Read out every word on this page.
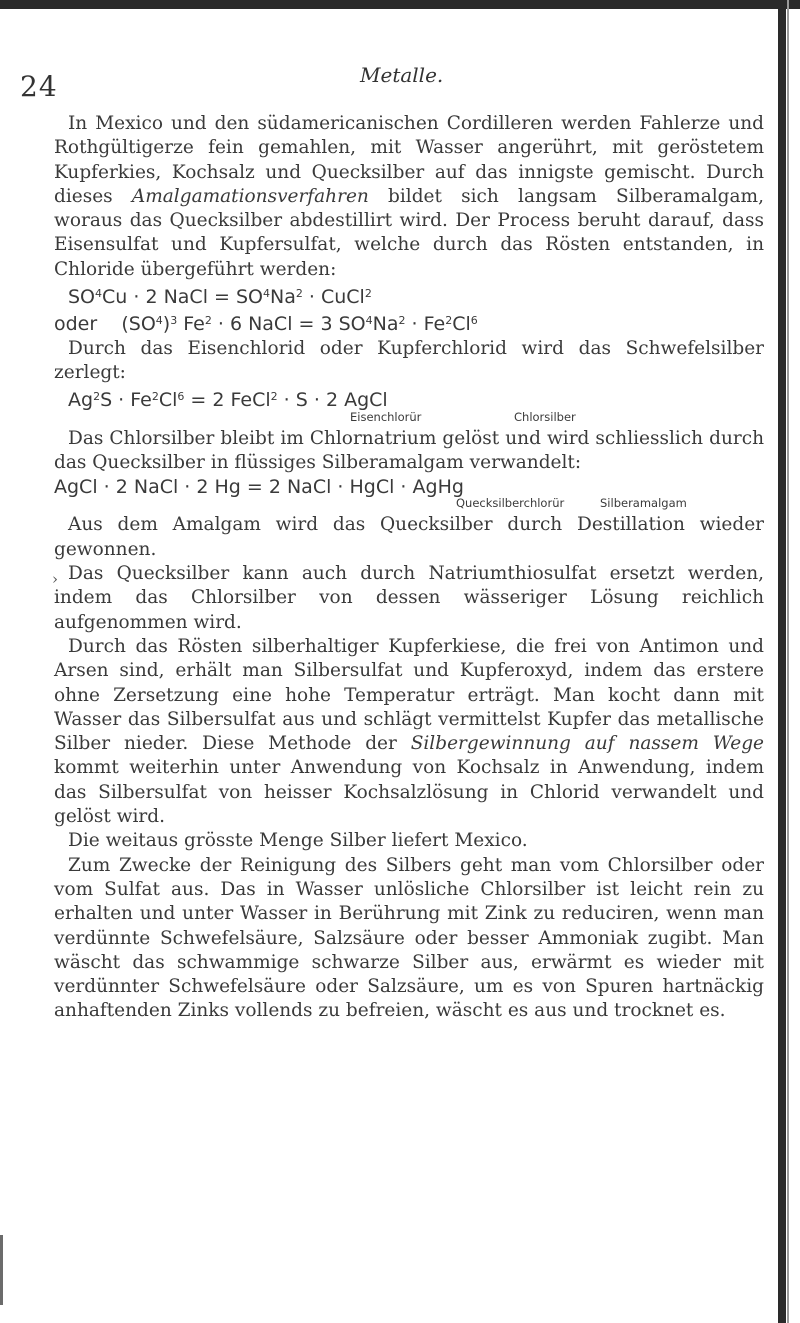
24	Metalle.
›

In Mexico und den südamericanischen Cordilleren werden Fahlerze und Rothgültigerze fein gemahlen, mit Wasser angerührt, mit geröstetem Kupferkies, Kochsalz und Quecksilber auf das innigste gemischt. Durch dieses Amalgamationsverfahren bildet sich langsam Silberamalgam, woraus das Quecksilber abdestillirt wird. Der Process beruht darauf, dass Eisensulfat und Kupfersulfat, welche durch das Rösten entstanden, in Chloride übergeführt werden:

$SO^4Cu \cdot 2$ NaCl = $SO^4Na^2$ · CuCl$^2$
oder    $(SO^4)^3$ $Fe^2 \cdot 6$ NaCl = 3 $SO^4Na^2 \cdot Fe^2Cl^6$

Durch das Eisenchlorid oder Kupferchlorid wird das Schwefelsilber zerlegt:

$Ag^2S \cdot Fe^2Cl^6 = 2$ FeCl$^2$ · S · 2 AgCl
Eisenchlorür	Chlorsilber

Das Chlorsilber bleibt im Chlornatrium gelöst und wird schliesslich durch das Quecksilber in flüssiges Silberamalgam verwandelt:

AgCl · 2 NaCl · 2 Hg = 2 NaCl · HgCl · AgHg
Quecksilberchlorür	Silberamalgam

Aus dem Amalgam wird das Quecksilber durch Destillation wieder gewonnen.

Das Quecksilber kann auch durch Natriumthiosulfat ersetzt werden, indem das Chlorsilber von dessen wässeriger Lösung reichlich aufgenommen wird.

Durch das Rösten silberhaltiger Kupferkiese, die frei von Antimon und Arsen sind, erhält man Silbersulfat und Kupferoxyd, indem das erstere ohne Zersetzung eine hohe Temperatur erträgt. Man kocht dann mit Wasser das Silbersulfat aus und schlägt vermittelst Kupfer das metallische Silber nieder. Diese Methode der Silbergewinnung auf nassem Wege kommt weiterhin unter Anwendung von Kochsalz in Anwendung, indem das Silbersulfat von heisser Kochsalzlösung in Chlorid verwandelt und gelöst wird.

Die weitaus grösste Menge Silber liefert Mexico.

Zum Zwecke der Reinigung des Silbers geht man vom Chlorsilber oder vom Sulfat aus. Das in Wasser unlösliche Chlorsilber ist leicht rein zu erhalten und unter Wasser in Berührung mit Zink zu reduciren, wenn man verdünnte Schwefelsäure, Salzsäure oder besser Ammoniak zugibt. Man wäscht das schwammige schwarze Silber aus, erwärmt es wieder mit verdünnter Schwefelsäure oder Salzsäure, um es von Spuren hartnäckig anhaftenden Zinks vollends zu befreien, wäscht es aus und trocknet es.
